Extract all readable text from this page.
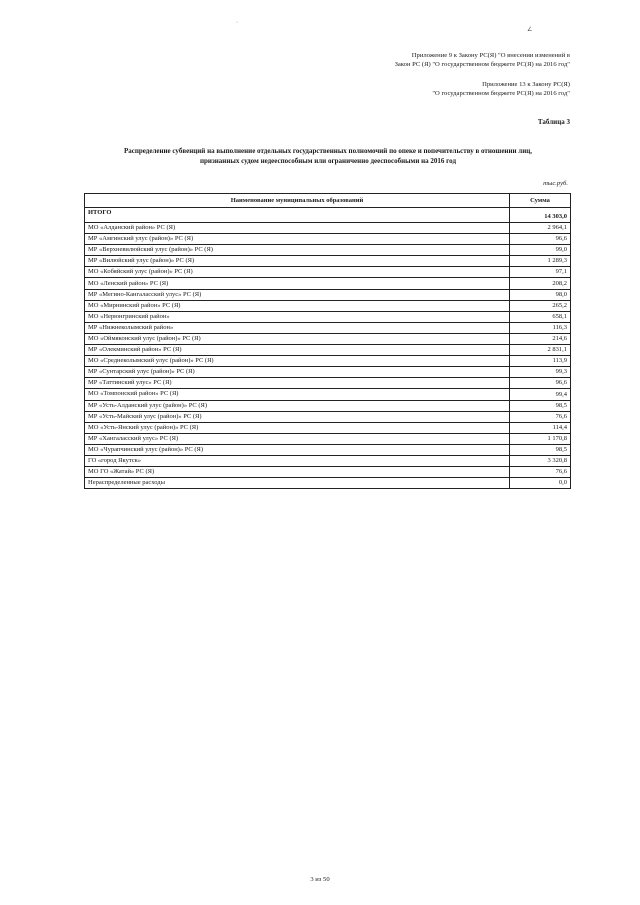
·
∠
Приложение 9 к Закону РС(Я) "О внесении изменений в
Закон РС (Я) "О государственном бюджете РС(Я) на 2016 год"
Приложение 13 к Закону РС(Я)
"О государственном бюджете РС(Я) на 2016 год"
Таблица 3
Распределение субвенций на выполнение отдельных государственных полномочий по опеке и попечительству в отношении лиц,
признанных судом недееспособным или ограниченно дееспособными на 2016 год
тыс.руб.
Наименование муниципальных образований	Сумма
ИТОГО	14 303,0
МО «Алданский район» РС (Я)	2 964,1
МР «Амгинский улус (район)» РС (Я)	96,6
МР «Верхневилюйский улус (район)» РС (Я)	99,0
МР «Вилюйский улус (район)» РС (Я)	1 289,3
МО «Кобяйский улус (район)» РС (Я)	97,1
МО «Ленский район» РС (Я)	208,2
МР «Мегино-Кангаласский улус» РС (Я)	98,0
МО «Мирнинский район» РС (Я)	265,2
МО «Нерюнгринский район»	658,1
МР «Нижнеколымский район»	116,3
МО «Оймяконский улус (район)» РС (Я)	214,6
МР «Олекминский район» РС (Я)	2 831,1
МО «Среднеколымский улус (район)» РС (Я)	113,9
МР «Сунтарский улус (район)» РС (Я)	99,3
МР «Таттинский улус» РС (Я)	96,6
МО «Томпонский район» РС (Я)	99,4
МР «Усть-Алданский улус (район)» РС (Я)	98,5
МР «Усть-Майский улус (район)» РС (Я)	76,6
МО «Усть-Янский улус (район)» РС (Я)	114,4
МР «Хангаласский улус» РС (Я)	1 170,8
МО «Чурапчинский улус (район)» РС (Я)	98,5
ГО «город Якутск»	3 320,8
МО ГО «Жатай» РС (Я)	76,6
Нераспределенные расходы	0,0
3 из 50
